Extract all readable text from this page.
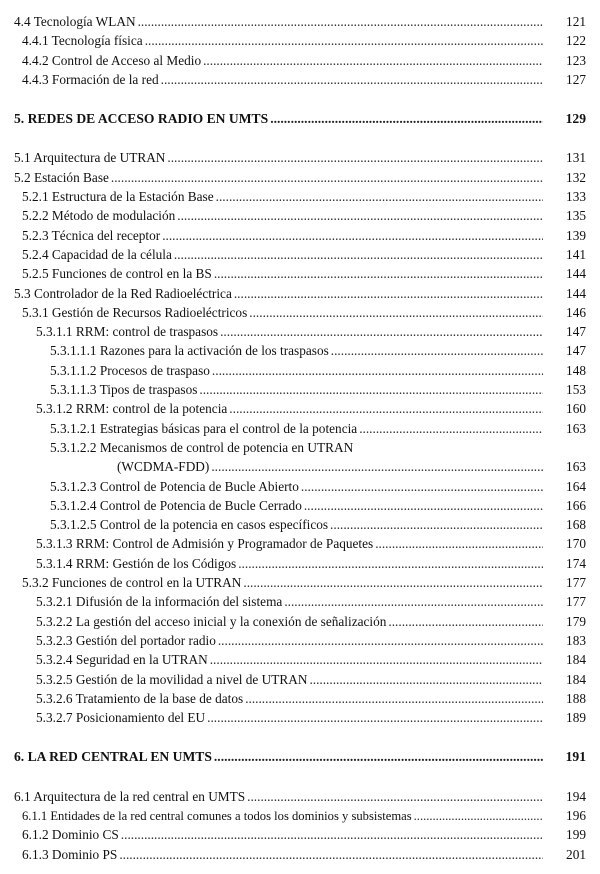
4.4 Tecnología WLAN .....	121
4.4.1 Tecnología física .....	122
4.4.2 Control de Acceso al Medio .....	123
4.4.3 Formación de la red .....	127
5. REDES DE ACCESO RADIO EN UMTS .....	129
5.1 Arquitectura de UTRAN .....	131
5.2 Estación Base .....	132
5.2.1 Estructura de la Estación Base .....	133
5.2.2 Método de modulación .....	135
5.2.3 Técnica del receptor .....	139
5.2.4 Capacidad de la célula .....	141
5.2.5 Funciones de control en la BS .....	144
5.3 Controlador de la Red Radioeléctrica .....	144
5.3.1 Gestión de Recursos Radioeléctricos .....	146
5.3.1.1 RRM: control de traspasos .....	147
5.3.1.1.1 Razones para la activación de los traspasos .....	147
5.3.1.1.2 Procesos de traspaso .....	148
5.3.1.1.3 Tipos de traspasos .....	153
5.3.1.2 RRM: control de la potencia .....	160
5.3.1.2.1 Estrategias básicas para el control de la potencia .....	163
5.3.1.2.2 Mecanismos de control de potencia en UTRAN
(WCDMA-FDD) .....	163
5.3.1.2.3 Control de Potencia de Bucle Abierto .....	164
5.3.1.2.4 Control de Potencia de Bucle Cerrado .....	166
5.3.1.2.5 Control de la potencia en casos específicos .....	168
5.3.1.3 RRM: Control de Admisión y Programador de Paquetes .....	170
5.3.1.4 RRM: Gestión de los Códigos .....	174
5.3.2 Funciones de control en la UTRAN .....	177
5.3.2.1 Difusión de la información del sistema .....	177
5.3.2.2 La gestión del acceso inicial y la conexión de señalización .....	179
5.3.2.3 Gestión del portador radio .....	183
5.3.2.4 Seguridad en la UTRAN .....	184
5.3.2.5 Gestión de la movilidad a nivel de UTRAN .....	184
5.3.2.6 Tratamiento de la base de datos .....	188
5.3.2.7 Posicionamiento del EU .....	189
6. LA RED CENTRAL EN UMTS .....	191
6.1 Arquitectura de la red central en UMTS .....	194
6.1.1 Entidades de la red central comunes a todos los dominios y subsistemas .....	196
6.1.2 Dominio CS .....	199
6.1.3 Dominio PS .....	201
